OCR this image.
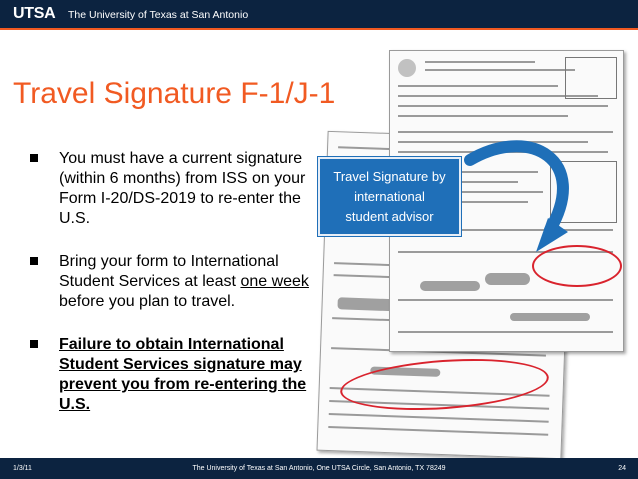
UTSA The University of Texas at San Antonio
Travel Signature F-1/J-1
You must have a current signature (within 6 months) from ISS on your Form I-20/DS-2019 to re-enter the U.S.
Bring your form to International Student Services at least one week before you plan to travel.
Failure to obtain International Student Services signature may prevent you from re-entering the U.S.
Travel Signature by
international
student advisor
1/3/11	The University of Texas at San Antonio, One UTSA Circle, San Antonio, TX 78249	24
